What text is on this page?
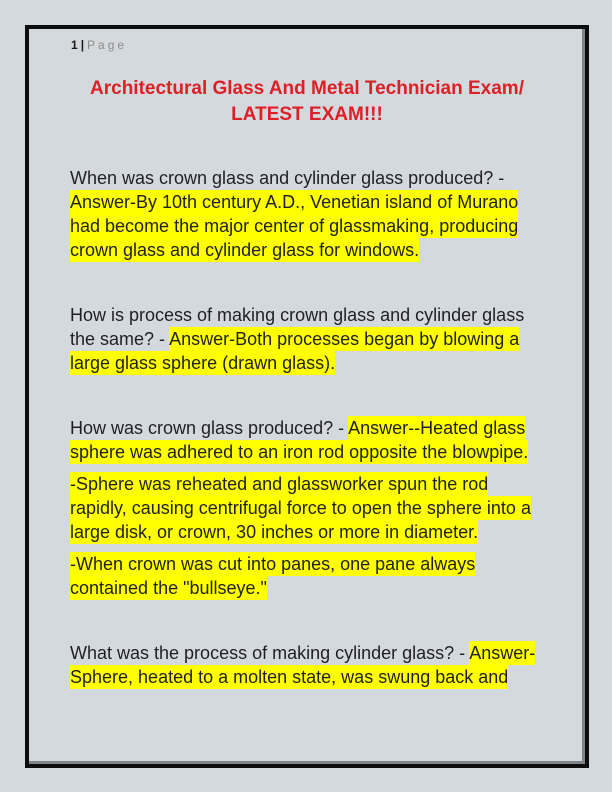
1 | Page
Architectural Glass And Metal Technician Exam/
LATEST EXAM!!!

When was crown glass and cylinder glass produced? - Answer-By 10th century A.D., Venetian island of Murano had become the major center of glassmaking, producing crown glass and cylinder glass for windows.

How is process of making crown glass and cylinder glass the same? - Answer-Both processes began by blowing a large glass sphere (drawn glass).

How was crown glass produced? - Answer--Heated glass sphere was adhered to an iron rod opposite the blowpipe.

-Sphere was reheated and glassworker spun the rod rapidly, causing centrifugal force to open the sphere into a large disk, or crown, 30 inches or more in diameter.

-When crown was cut into panes, one pane always contained the "bullseye."

What was the process of making cylinder glass? - Answer-Sphere, heated to a molten state, was swung back and
